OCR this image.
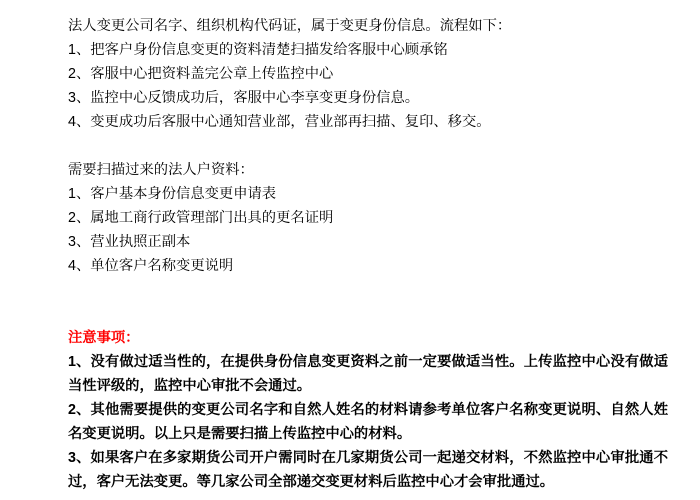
法人变更公司名字、组织机构代码证，属于变更身份信息。流程如下：
1、把客户身份信息变更的资料清楚扫描发给客服中心顾承铭
2、客服中心把资料盖完公章上传监控中心
3、监控中心反馈成功后，客服中心李享变更身份信息。
4、变更成功后客服中心通知营业部，营业部再扫描、复印、移交。
需要扫描过来的法人户资料：
1、客户基本身份信息变更申请表
2、属地工商行政管理部门出具的更名证明
3、营业执照正副本
4、单位客户名称变更说明
注意事项：

1、没有做过适当性的，在提供身份信息变更资料之前一定要做适当性。上传监控中心没有做适当性评级的，监控中心审批不会通过。

2、其他需要提供的变更公司名字和自然人姓名的材料请参考单位客户名称变更说明、自然人姓名变更说明。以上只是需要扫描上传监控中心的材料。

3、如果客户在多家期货公司开户需同时在几家期货公司一起递交材料，不然监控中心审批通不过，客户无法变更。等几家公司全部递交变更材料后监控中心才会审批通过。
